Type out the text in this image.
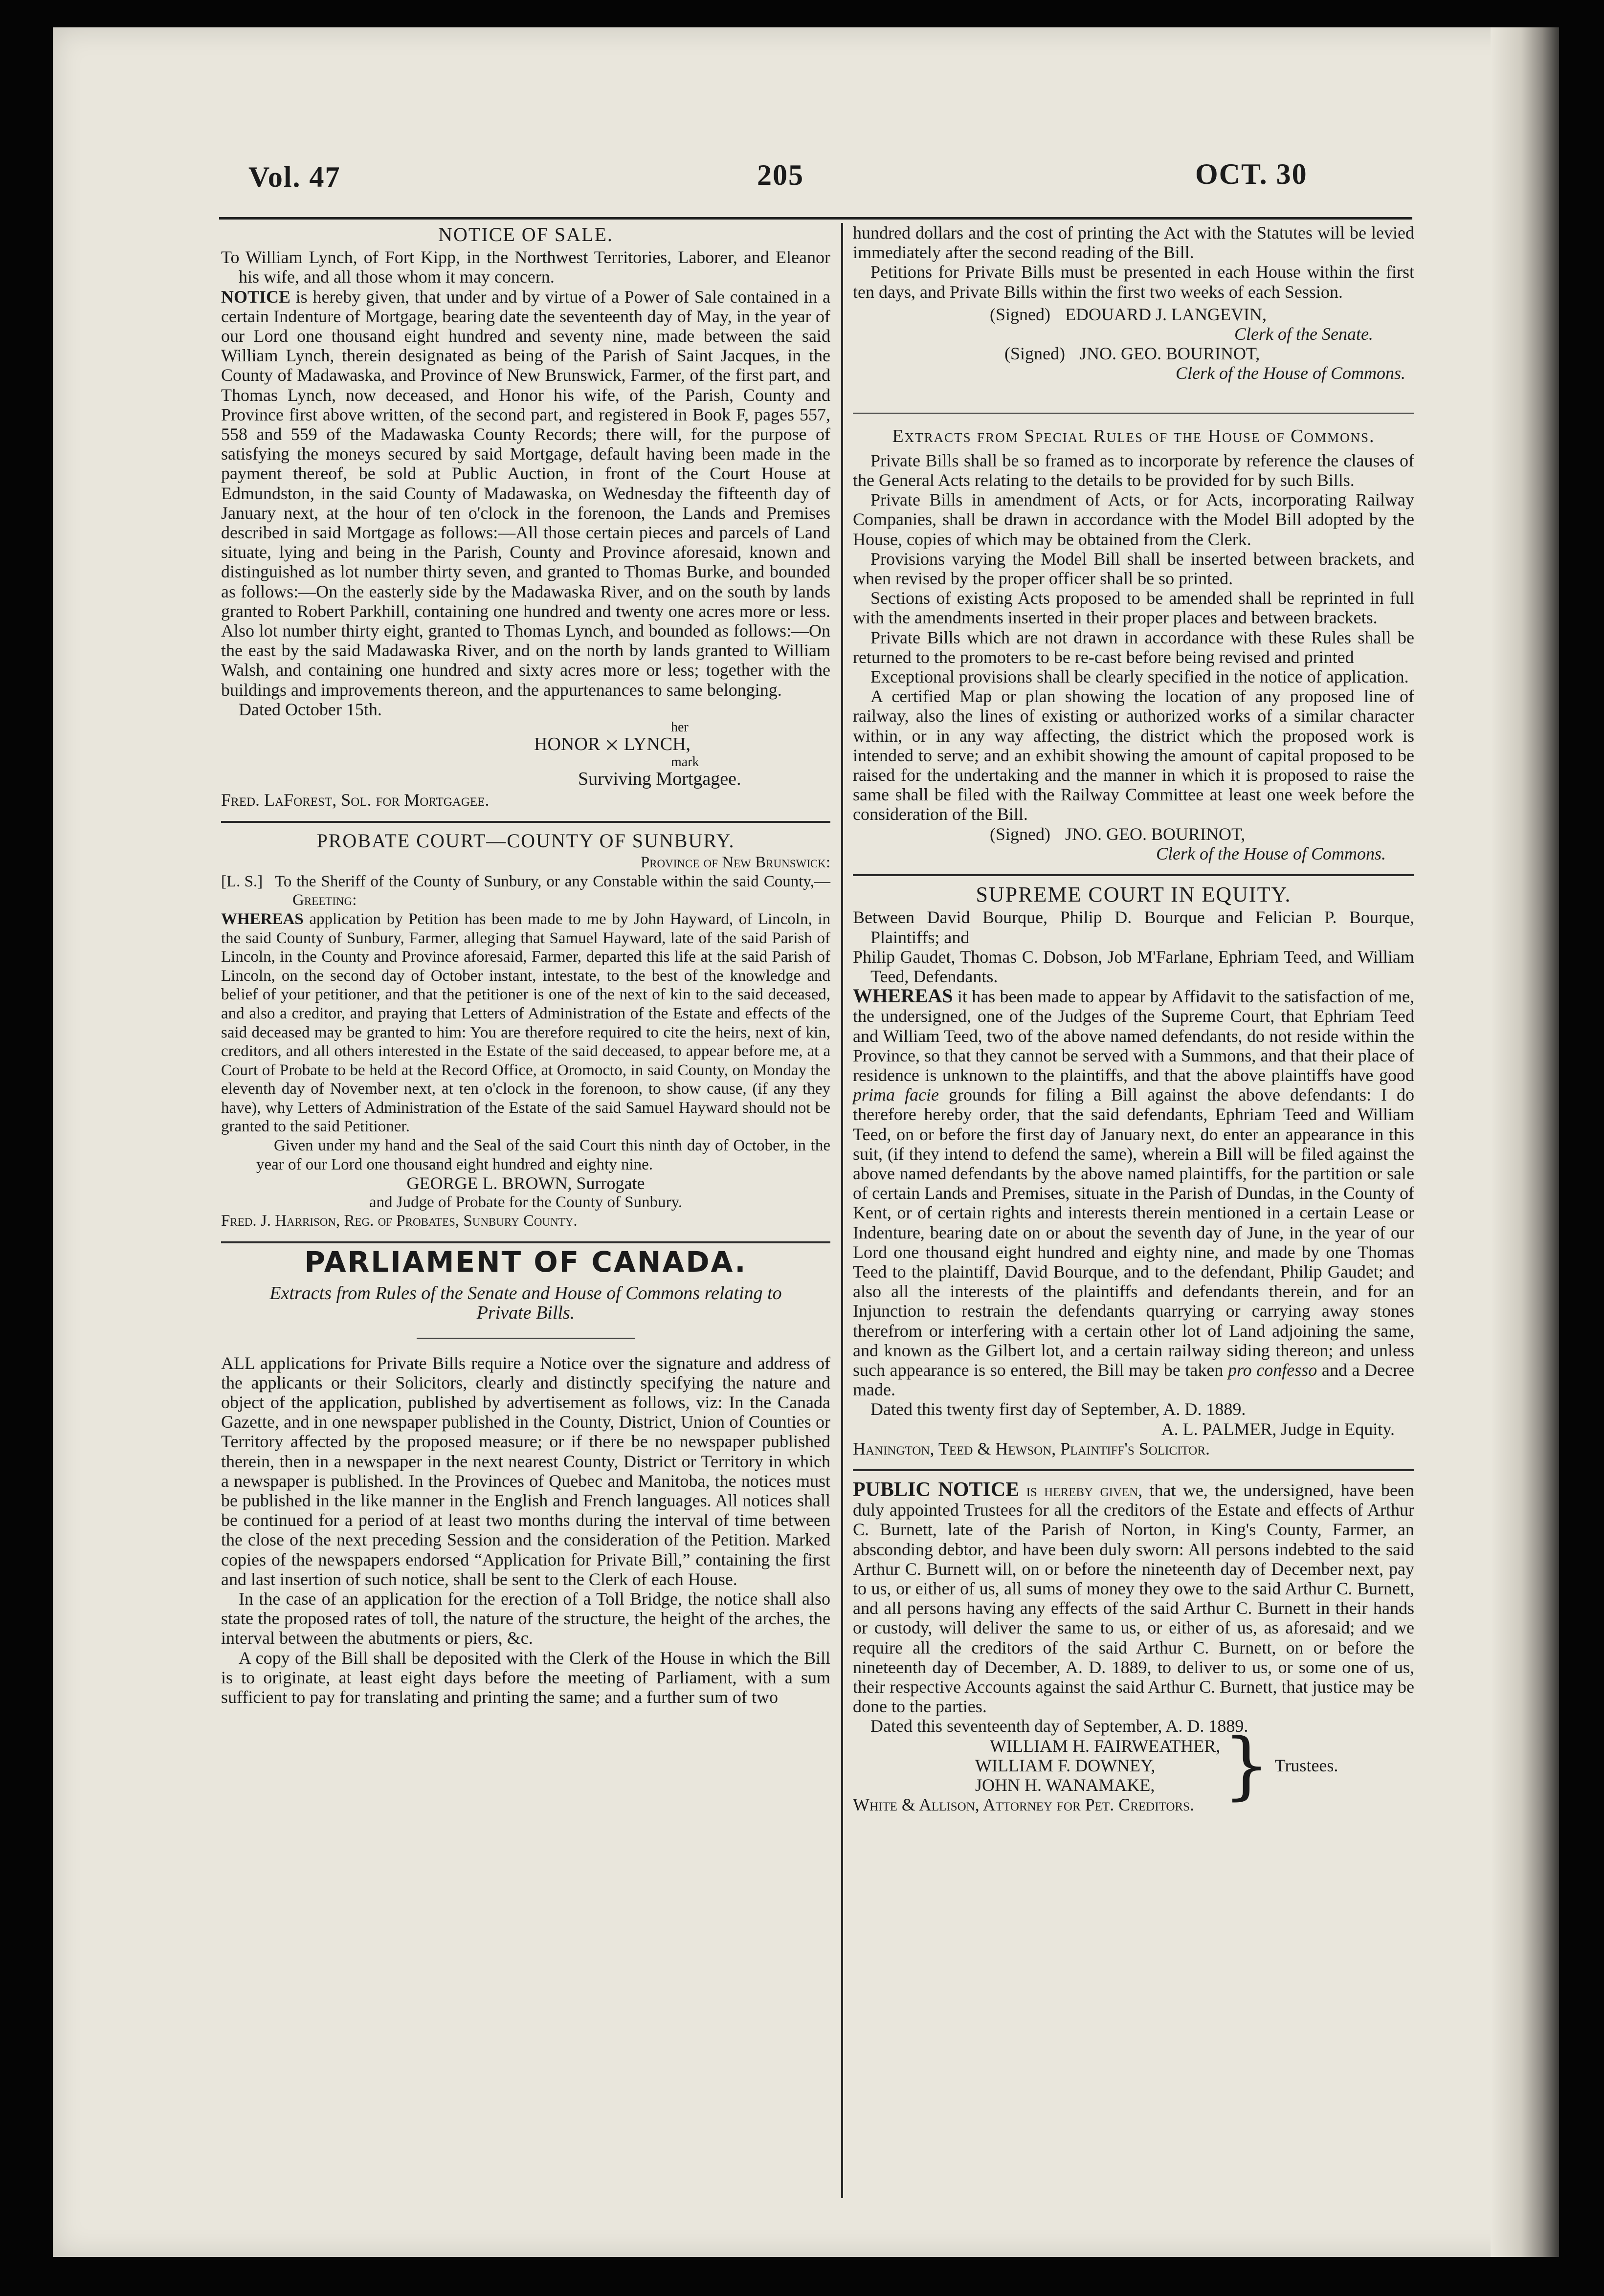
Vol. 47	205	OCT. 30
NOTICE OF SALE.

To William Lynch, of Fort Kipp, in the Northwest Territories, Laborer, and Eleanor his wife, and all those whom it may concern.

NOTICE is hereby given, that under and by virtue of a Power of Sale contained in a certain Indenture of Mortgage, bearing date the seventeenth day of May, in the year of our Lord one thousand eight hundred and seventy nine, made between the said William Lynch, therein designated as being of the Parish of Saint Jacques, in the County of Madawaska, and Province of New Brunswick, Farmer, of the first part, and Thomas Lynch, now deceased, and Honor his wife, of the Parish, County and Province first above written, of the second part, and registered in Book F, pages 557, 558 and 559 of the Madawaska County Records; there will, for the purpose of satisfying the moneys secured by said Mortgage, default having been made in the payment thereof, be sold at Public Auction, in front of the Court House at Edmundston, in the said County of Madawaska, on Wednesday the fifteenth day of January next, at the hour of ten o'clock in the forenoon, the Lands and Premises described in said Mortgage as follows:—All those certain pieces and parcels of Land situate, lying and being in the Parish, County and Province aforesaid, known and distinguished as lot number thirty seven, and granted to Thomas Burke, and bounded as follows:—On the easterly side by the Madawaska River, and on the south by lands granted to Robert Parkhill, containing one hundred and twenty one acres more or less. Also lot number thirty eight, granted to Thomas Lynch, and bounded as follows:—On the east by the said Madawaska River, and on the north by lands granted to William Walsh, and containing one hundred and sixty acres more or less; together with the buildings and improvements thereon, and the appurtenances to same belonging.

Dated October 15th.

her
HONOR × LYNCH,
mark
Surviving Mortgagee.

Fred. LaForest, Sol. for Mortgagee.

PROBATE COURT—COUNTY OF SUNBURY.
Province of New Brunswick:
[L. S.] To the Sheriff of the County of Sunbury, or any Constable within the said County,—Greeting:

WHEREAS application by Petition has been made to me by John Hayward, of Lincoln, in the said County of Sunbury, Farmer, alleging that Samuel Hayward, late of the said Parish of Lincoln, in the County and Province aforesaid, Farmer, departed this life at the said Parish of Lincoln, on the second day of October instant, intestate, to the best of the knowledge and belief of your petitioner, and that the petitioner is one of the next of kin to the said deceased, and also a creditor, and praying that Letters of Administration of the Estate and effects of the said deceased may be granted to him: You are therefore required to cite the heirs, next of kin, creditors, and all others interested in the Estate of the said deceased, to appear before me, at a Court of Probate to be held at the Record Office, at Oromocto, in said County, on Monday the eleventh day of November next, at ten o'clock in the forenoon, to show cause, (if any they have), why Letters of Administration of the Estate of the said Samuel Hayward should not be granted to the said Petitioner.

Given under my hand and the Seal of the said Court this ninth day of October, in the year of our Lord one thousand eight hundred and eighty nine.

GEORGE L. BROWN, Surrogate
and Judge of Probate for the County of Sunbury.

Fred. J. Harrison, Reg. of Probates, Sunbury County.

PARLIAMENT OF CANADA.

Extracts from Rules of the Senate and House of Commons relating to Private Bills.

ALL applications for Private Bills require a Notice over the signature and address of the applicants or their Solicitors, clearly and distinctly specifying the nature and object of the application, published by advertisement as follows, viz: In the Canada Gazette, and in one newspaper published in the County, District, Union of Counties or Territory affected by the proposed measure; or if there be no newspaper published therein, then in a newspaper in the next nearest County, District or Territory in which a newspaper is published. In the Provinces of Quebec and Manitoba, the notices must be published in the like manner in the English and French languages. All notices shall be continued for a period of at least two months during the interval of time between the close of the next preceding Session and the consideration of the Petition. Marked copies of the newspapers endorsed “Application for Private Bill,” containing the first and last insertion of such notice, shall be sent to the Clerk of each House.

In the case of an application for the erection of a Toll Bridge, the notice shall also state the proposed rates of toll, the nature of the structure, the height of the arches, the interval between the abutments or piers, &c.

A copy of the Bill shall be deposited with the Clerk of the House in which the Bill is to originate, at least eight days before the meeting of Parliament, with a sum sufficient to pay for translating and printing the same; and a further sum of two

hundred dollars and the cost of printing the Act with the Statutes will be levied immediately after the second reading of the Bill.

Petitions for Private Bills must be presented in each House within the first ten days, and Private Bills within the first two weeks of each Session.

(Signed) EDOUARD J. LANGEVIN,
Clerk of the Senate.
(Signed) JNO. GEO. BOURINOT,
Clerk of the House of Commons.
Extracts from Special Rules of the House of Commons.

Private Bills shall be so framed as to incorporate by reference the clauses of the General Acts relating to the details to be provided for by such Bills.

Private Bills in amendment of Acts, or for Acts, incorporating Railway Companies, shall be drawn in accordance with the Model Bill adopted by the House, copies of which may be obtained from the Clerk.

Provisions varying the Model Bill shall be inserted between brackets, and when revised by the proper officer shall be so printed.

Sections of existing Acts proposed to be amended shall be reprinted in full with the amendments inserted in their proper places and between brackets.

Private Bills which are not drawn in accordance with these Rules shall be returned to the promoters to be re-cast before being revised and printed

Exceptional provisions shall be clearly specified in the notice of application.

A certified Map or plan showing the location of any proposed line of railway, also the lines of existing or authorized works of a similar character within, or in any way affecting, the district which the proposed work is intended to serve; and an exhibit showing the amount of capital proposed to be raised for the undertaking and the manner in which it is proposed to raise the same shall be filed with the Railway Committee at least one week before the consideration of the Bill.

(Signed) JNO. GEO. BOURINOT,
Clerk of the House of Commons.
SUPREME COURT IN EQUITY.

Between David Bourque, Philip D. Bourque and Felician P. Bourque, Plaintiffs; and

Philip Gaudet, Thomas C. Dobson, Job M'Farlane, Ephriam Teed, and William Teed, Defendants.

WHEREAS it has been made to appear by Affidavit to the satisfaction of me, the undersigned, one of the Judges of the Supreme Court, that Ephriam Teed and William Teed, two of the above named defendants, do not reside within the Province, so that they cannot be served with a Summons, and that their place of residence is unknown to the plaintiffs, and that the above plaintiffs have good prima facie grounds for filing a Bill against the above defendants: I do therefore hereby order, that the said defendants, Ephriam Teed and William Teed, on or before the first day of January next, do enter an appearance in this suit, (if they intend to defend the same), wherein a Bill will be filed against the above named defendants by the above named plaintiffs, for the partition or sale of certain Lands and Premises, situate in the Parish of Dundas, in the County of Kent, or of certain rights and interests therein mentioned in a certain Lease or Indenture, bearing date on or about the seventh day of June, in the year of our Lord one thousand eight hundred and eighty nine, and made by one Thomas Teed to the plaintiff, David Bourque, and to the defendant, Philip Gaudet; and also all the interests of the plaintiffs and defendants therein, and for an Injunction to restrain the defendants quarrying or carrying away stones therefrom or interfering with a certain other lot of Land adjoining the same, and known as the Gilbert lot, and a certain railway siding thereon; and unless such appearance is so entered, the Bill may be taken pro confesso and a Decree made.

Dated this twenty first day of September, A. D. 1889.

A. L. PALMER, Judge in Equity.

Hanington, Teed & Hewson, Plaintiff's Solicitor.

PUBLIC NOTICE is hereby given, that we, the undersigned, have been duly appointed Trustees for all the creditors of the Estate and effects of Arthur C. Burnett, late of the Parish of Norton, in King's County, Farmer, an absconding debtor, and have been duly sworn: All persons indebted to the said Arthur C. Burnett will, on or before the nineteenth day of December next, pay to us, or either of us, all sums of money they owe to the said Arthur C. Burnett, and all persons having any effects of the said Arthur C. Burnett in their hands or custody, will deliver the same to us, or either of us, as aforesaid; and we require all the creditors of the said Arthur C. Burnett, on or before the nineteenth day of December, A. D. 1889, to deliver to us, or some one of us, their respective Accounts against the said Arthur C. Burnett, that justice may be done to the parties.

Dated this seventeenth day of September, A. D. 1889.

WILLIAM H. FAIRWEATHER,
WILLIAM F. DOWNEY,
JOHN H. WANAMAKE, } Trustees.

White & Allison, Attorney for Pet. Creditors.
